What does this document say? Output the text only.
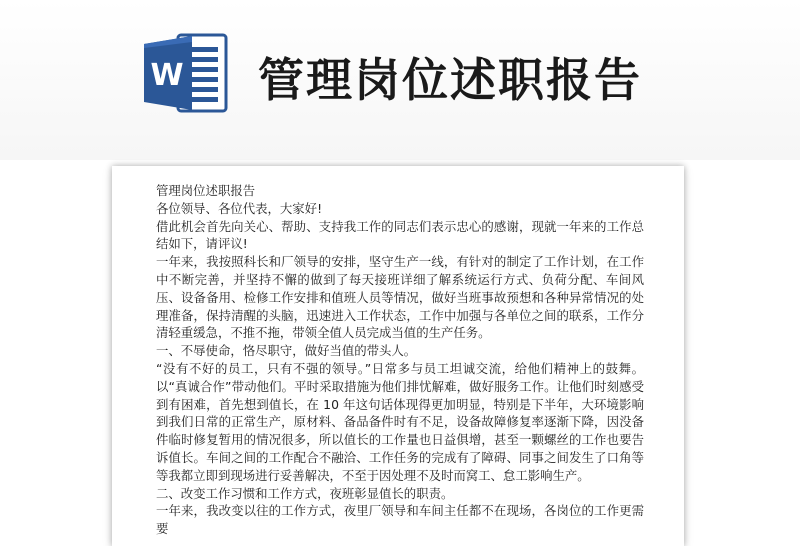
W 管理岗位述职报告

管理岗位述职报告

各位领导、各位代表，大家好!

借此机会首先向关心、帮助、支持我工作的同志们表示忠心的感谢，现就一年来的工作总结如下，请评议!

一年来，我按照科长和厂领导的安排，坚守生产一线，有针对的制定了工作计划，在工作中不断完善，并坚持不懈的做到了每天接班详细了解系统运行方式、负荷分配、车间风压、设备备用、检修工作安排和值班人员等情况，做好当班事故预想和各种异常情况的处理准备，保持清醒的头脑，迅速进入工作状态，工作中加强与各单位之间的联系，工作分清轻重缓急，不推不拖，带领全值人员完成当值的生产任务。

一、不辱使命，恪尽职守，做好当值的带头人。

“没有不好的员工，只有不强的领导。”日常多与员工坦诚交流，给他们精神上的鼓舞。以“真诚合作”带动他们。平时采取措施为他们排忧解难，做好服务工作。让他们时刻感受到有困难，首先想到值长，在 10 年这句话体现得更加明显，特别是下半年，大环境影响到我们日常的正常生产，原材料、备品备件时有不足，设备故障修复率逐渐下降，因没备件临时修复暂用的情况很多，所以值长的工作量也日益俱增，甚至一颗螺丝的工作也要告诉值长。车间之间的工作配合不融洽、工作任务的完成有了障碍、同事之间发生了口角等等我都立即到现场进行妥善解决，不至于因处理不及时而窝工、怠工影响生产。

二、改变工作习惯和工作方式，夜班彰显值长的职责。

一年来，我改变以往的工作方式，夜里厂领导和车间主任都不在现场，各岗位的工作更需要
